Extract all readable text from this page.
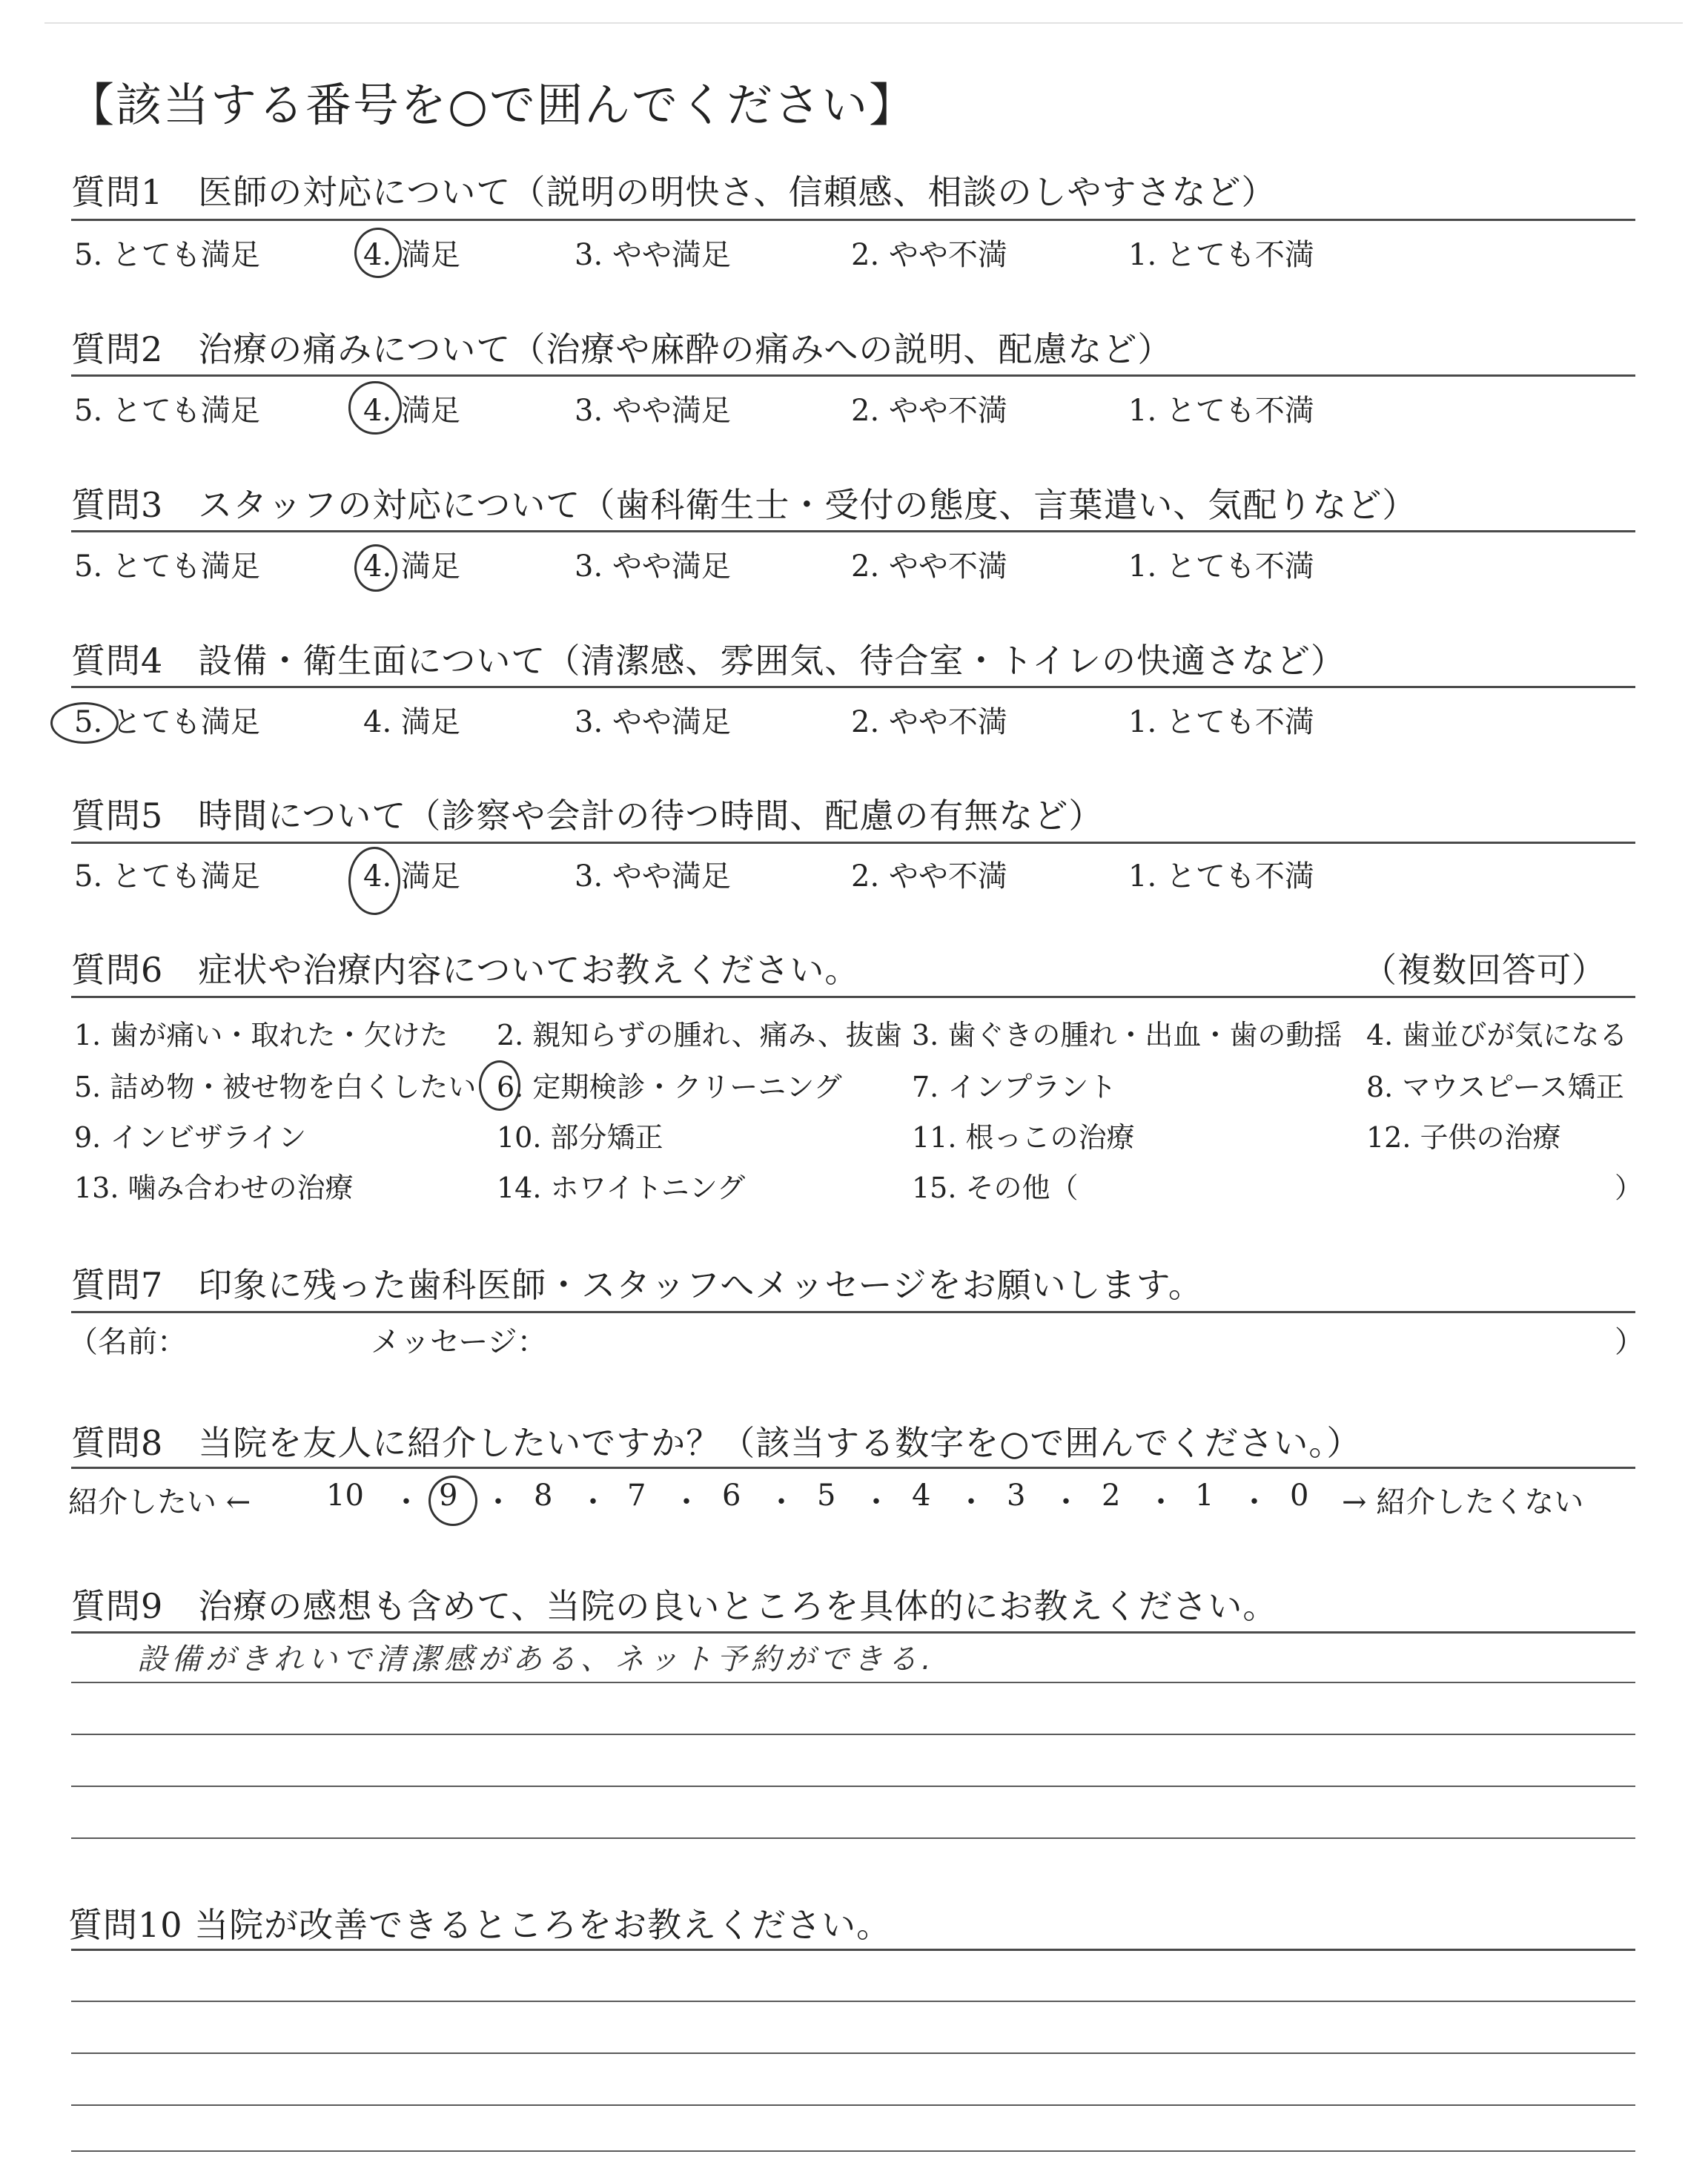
【該当する番号を○で囲んでください】
質問1　医師の対応について（説明の明快さ、信頼感、相談のしやすさなど）
5. とても満足	4. 満足	3. やや満足	2. やや不満	1. とても不満
質問2　治療の痛みについて（治療や麻酔の痛みへの説明、配慮など）
5. とても満足	4. 満足	3. やや満足	2. やや不満	1. とても不満
質問3　スタッフの対応について（歯科衛生士・受付の態度、言葉遣い、気配りなど）
5. とても満足	4. 満足	3. やや満足	2. やや不満	1. とても不満
質問4　設備・衛生面について（清潔感、雰囲気、待合室・トイレの快適さなど）
5. とても満足	4. 満足	3. やや満足	2. やや不満	1. とても不満
質問5　時間について（診察や会計の待つ時間、配慮の有無など）
5. とても満足	4. 満足	3. やや満足	2. やや不満	1. とても不満
質問6　症状や治療内容についてお教えください。	（複数回答可）
1. 歯が痛い・取れた・欠けた 2. 親知らずの腫れ、痛み、抜歯 3. 歯ぐきの腫れ・出血・歯の動揺 4. 歯並びが気になる
5. 詰め物・被せ物を白くしたい 6. 定期検診・クリーニング 7. インプラント	8. マウスピース矯正
9. インビザライン	10. 部分矯正	11. 根っこの治療	12. 子供の治療
13. 噛み合わせの治療	14. ホワイトニング	15. その他（	）
質問7　印象に残った歯科医師・スタッフへメッセージをお願いします。
（名前：	メッセージ：	）
質問8　当院を友人に紹介したいですか？（該当する数字を○で囲んでください。）
紹介したい ←	10 ・ 9 ・ 8 ・ 7 ・ 6 ・ 5 ・ 4 ・ 3 ・ 2 ・ 1 ・ 0 → 紹介したくない
質問9　治療の感想も含めて、当院の良いところを具体的にお教えください。
設備がきれいで清潔感がある、ネット予約ができる.
質問10 当院が改善できるところをお教えください。
